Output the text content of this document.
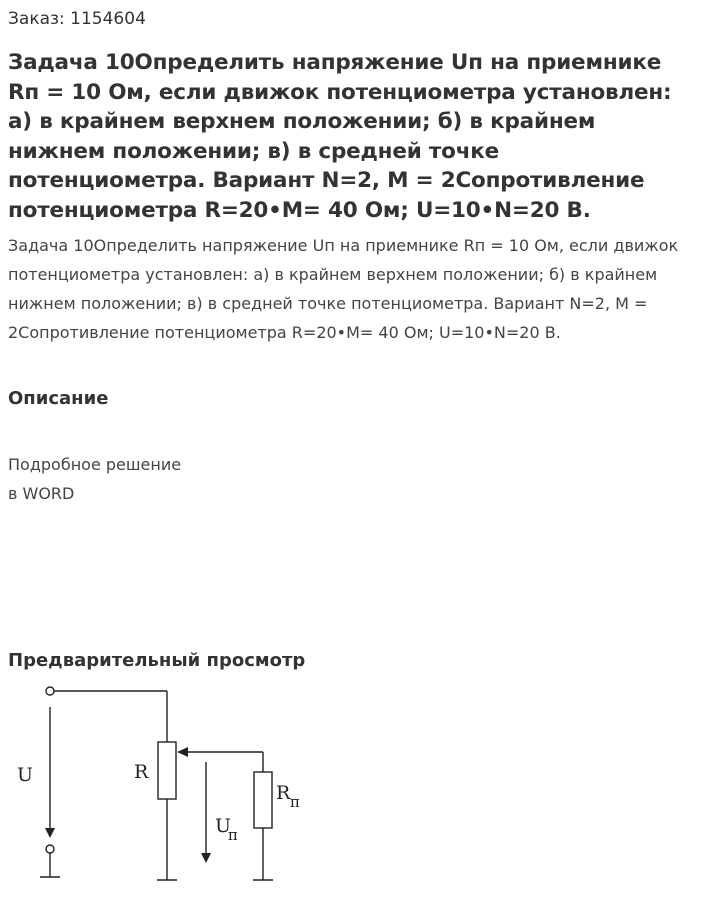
Заказ: 1154604

Задача 10Определить напряжение Uп на приемнике Rп = 10 Ом, если движок потенциометра установлен: а) в крайнем верхнем положении; б) в крайнем нижнем положении; в) в средней точке потенциометра. Вариант N=2, M = 2Сопротивление потенциометра R=20•M= 40 Ом; U=10•N=20 В.

Задача 10Определить напряжение Uп на приемнике Rп = 10 Ом, если движок потенциометра установлен: а) в крайнем верхнем положении; б) в крайнем нижнем положении; в) в средней точке потенциометра. Вариант N=2, M = 2Сопротивление потенциометра R=20•M= 40 Ом; U=10•N=20 В.

Описание
Подробное решение
в WORD
Предварительный просмотр
U	R
U
п
R п
